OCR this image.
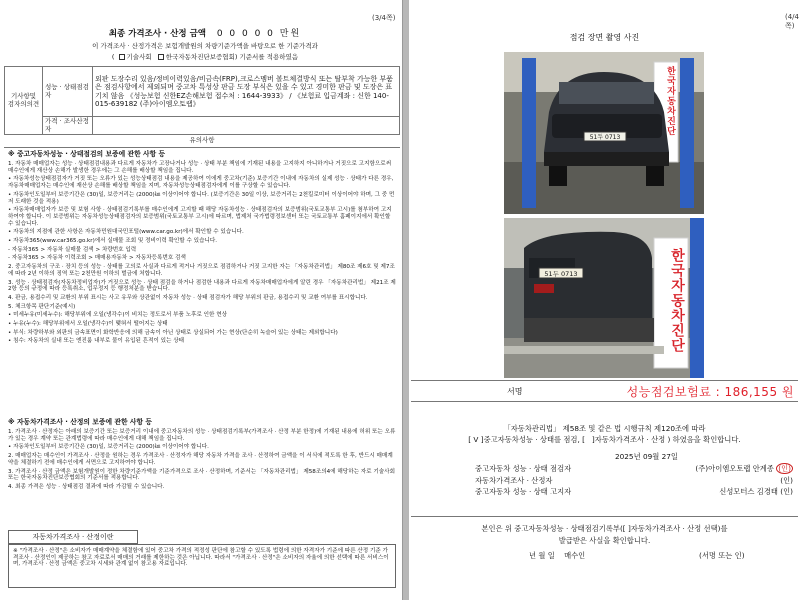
(3/4쪽)
최종 가격조사 · 산정 금액 0 0 0 0 0 만원
이 가격조사 · 산정가격은 보험개발원의 차량기준가액을 바탕으로 한 기준가격과
( 기술사회 한국자동차진단보증협회) 기준서를 적용하였음
기사항및 검자의의견	성능 · 상태점검자	외판 도장수리 있음/정비이력있음/비금속(FRP),크로스멤버 볼트체결방식 또는 탈부착 가능한 부품은 점검사항에서 제외되며 중고차 특성상 판금 도장 부식은 있을 수 있고 경미한 판금 및 도장은 표기치 않음 《성능보험 신한EZ손해보험 접수처 : 1644-3933》 / 《보험료 입금계좌 : 신한 140-015-639182 (주)아이엠오토랩》
	가격 · 조사산정자	
유의사항
※ 중고자동차성능 · 상태점검의 보증에 관한 사항 등
1. 자동차 매매업자는 성능 · 상태점검내용과 다르게 자동차가 고장나거나 성능 · 상태 부분 책임에 기재된 내용을 고지하지 아니하거나 거짓으로 고지함으로써 매수인에게 재산상 손해가 발생한 경우에는 그 손해를 배상할 책임을 집니다.
• 자동차성능상태점검자가 거짓 또는 오류가 있는 성능상태점검 내용을 제공하여 이에게 중고차(기준) 보증기간 이내에 자동차의 실제 성능 · 상태가 다른 경우, 자동차매매업자는 매수인에 재산상 손해를 배상할 책임을 지며, 자동차성능상태점검자에게 이를 구상할 수 있습니다.
• 자동차인도일부터 보증기간은 (30)일, 보증거리는 (2000)㎞ 이상이어야 합니다. (보증기간은 30일 이상, 보증거리는 2천킬로미터 이상이어야 하며, 그 중 먼저 도래한 것을 적용)
• 자동차매매업자가 보증 및 보험 사항 · 상태점검기록부를 매수인에게 고지할 때 해당 자동차성능 · 상태점검자의 보증범위(국토교통부 고시)를 첨부하여 고지하여야 합니다. 이 보증범위는 자동차성능상태점검자의 보증범위(국토교통부 고시)에 따르며, 법제처 국가법령정보센터 또는 국토교통부 홈페이지에서 확인할 수 있습니다.
• 자동차의 지점에 관한 사항은 자동차민원대국민포털(www.car.go.kr)에서 확인할 수 있습니다.
• 자동차365(www.car365.go.kr)에서 실매물 조회 및 정비이력 확인할 수 있습니다.
- 자동차365 > 자동차 실매물 검색 > 차량번호 입력
- 자동차365 > 자동차 이력조회 > 매매용자동차 > 자동차등록번호 검색
2. 중고자동차의 구조 · 장치 등의 성능 · 상태를 고의로 사실과 다르게 적거나 거짓으로 점검하거나 거짓 고지한 자는 「자동차관리법」 제80조 제6호 및 제7조에 따라 2년 이하의 징역 또는 2천만원 이하의 벌금에 처합니다.
3. 성능 · 상태점검자(자동차정비업자)가 거짓으로 성능 · 상태 점검을 하거나 점검한 내용과 다르게 자동차매매업자에게 알린 경우 「자동차관리법」 제21조 제2항 등의 규정에 따라 등록취소, 업무정지 등 행정처분을 받습니다.
4. 판금, 용접수리 및 교환의 부위 표시는 사고 유무와 상관없이 자동차 성능 · 상태 점검자가 해당 부위의 판금, 용접수리 및 교환 여부를 표시합니다.
5. 체크항목 판단기준(예시)
• 미세누유(미세누수): 해당부위에 오일(냉각수)이 비치는 정도로서 부품 노후로 인한 현상
• 누유(누수): 해당부위에서 오일(냉각수)이 맺혀서 떨어지는 상태
• 부식: 차량하부와 외판의 금속표면이 화학반응에 의해 금속이 아닌 상태로 상실되어 가는 현상(단순히 녹슬어 있는 상태는 제외합니다)
• 침수: 자동차의 실내 또는 엔진룸 내부로 물이 유입된 흔적이 있는 상태
※ 자동차가격조사 · 산정의 보증에 관한 사항 등
1. 가격조사 · 산정자는 아래의 보증기간 또는 보증거리 이내에 중고자동차의 성능 · 상태점검기록부(가격조사 · 산정 부분 한정)에 기재된 내용에 허위 또는 오류가 있는 경우 계약 또는 관계법령에 따라 매수인에게 대해 책임을 집니다.
• 자동차인도일부터 보증기간은 (30)일, 보증거리는 (2000)㎞ 이상이어야 합니다.
2. 매매업자는 매수인이 가격조사 · 산정을 원하는 경우 가격조사 · 산정자가 해당 자동차 가격을 조사 · 산정하여 금액을 이 서식에 적도록 한 후, 반드시 매매계약을 체결하기 전에 매수인에게 서면으로 고지하여야 합니다.
3. 가격조사 · 산정 금액은 보험개발원이 정한 차량기준가액을 기준가격으로 조사 · 산정하며, 기준서는 「자동차관리법」 제58조의4에 해당하는 자로 기술사회 또는 한국자동차진단보증협회의 기준서를 적용합니다.
4. 최종 가격은 성능 · 상태점검 결과에 따라 가감될 수 있습니다.
자동차가격조사 · 산정이란
※ "가격조사 · 산정"은 소비자가 매매계약을 체결함에 있어 중고차 가격의 적정성 판단에 참고할 수 있도록 법령에 의한 자격자가 기준에 따른 산정 기준 가격조사 · 산정인이 제공하는 참고 자료로서 매매의 거래를 제한하는 것은 아닙니다. 따라서 "가격조사 · 산정"은 소비자의 자율에 의한 선택에 따른 서비스이며, 가격조사 · 산정 금액은 중고차 시세와 관계 없이 참고용 자료입니다.
(4/4쪽)
점검 장면 촬영 사진
51두 0713
한국자동차진단
51두 0713	한국자동차진단
서명	성능점검보험료 : 186,155 원
「자동차관리법」 제58조 및 같은 법 시행규칙 제120조에 따라
[ V ]중고자동차성능 · 상태를 점검, [ ]자동차가격조사 · 산정 ) 하였음을 확인합니다.
2025년 09월 27일
중고자동차 성능 · 상태 점검자	(주)아이엠오토랩 안계종 (인)
자동차가격조사 · 산정자	(인)
중고자동차 성능 · 상태 고지자	신성모터스 김경태 (인)
본인은 위 중고자동차성능 · 상태점검기록부([ ]자동차가격조사 · 산정 선택)를
발급받은 사실을 확인합니다.
년 월 일 매수인	(서명 또는 인)
